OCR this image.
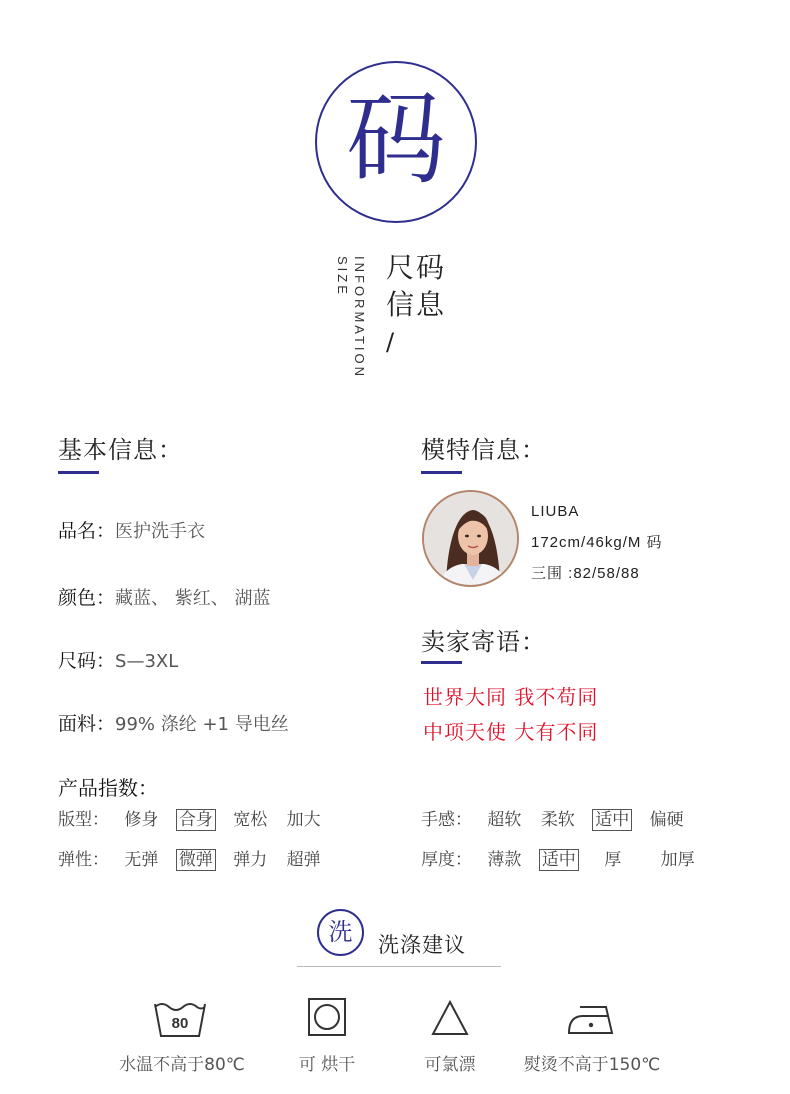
码
SIZE INFORMATION 尺码
信息
/
基本信息：
品名：医护洗手衣
颜色：藏蓝、 紫红、 湖蓝
尺码：S—3XL
面料：99% 涤纶 +1 导电丝
模特信息：
LIUBA
172cm/46kg/M 码
三围 :82/58/88
卖家寄语：
世界大同 我不苟同
中项天使 大有不同
产品指数：
版型： 修身 合身 宽松 加大
弹性： 无弹 微弹 弹力 超弹
手感： 超软 柔软 适中 偏硬
厚度： 薄款 适中 厚 加厚
洗	洗涤建议
80
水温不高于80℃	可 烘干	可氯漂	熨烫不高于150℃
